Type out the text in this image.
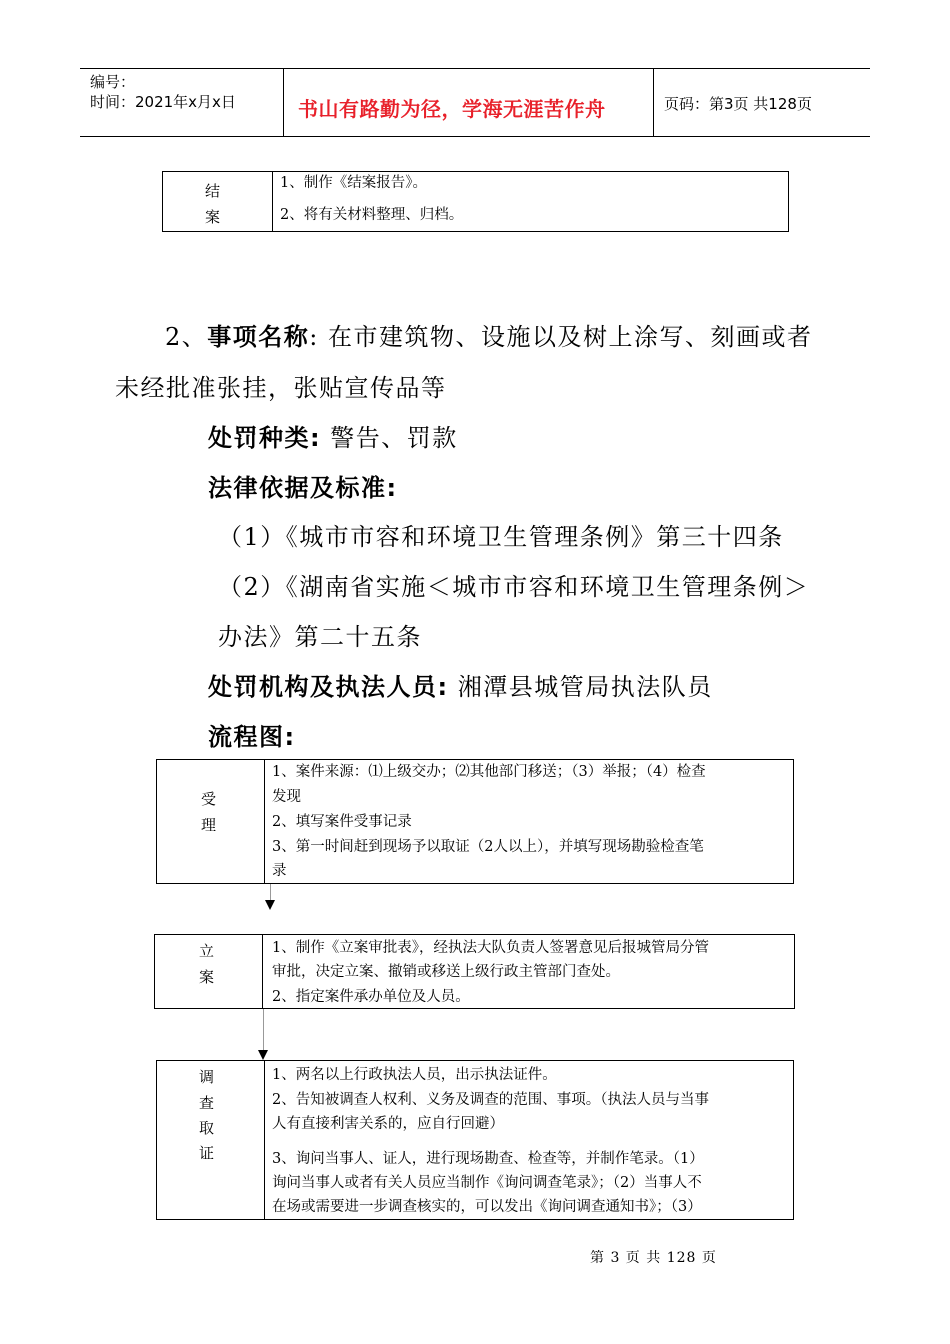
编号：
时间：2021年x月x日	书山有路勤为径，学海无涯苦作舟	页码：第3页 共128页
结
案
1、制作《结案报告》。
2、将有关材料整理、归档。
2、事项名称: 在市建筑物、设施以及树上涂写、刻画或者
未经批准张挂，张贴宣传品等
处罚种类: 警告、罚款
法律依据及标准:
（1）《城市市容和环境卫生管理条例》第三十四条
（2）《湖南省实施＜城市市容和环境卫生管理条例＞
办法》第二十五条
处罚机构及执法人员: 湘潭县城管局执法队员
流程图:
受
理
1、案件来源：⑴上级交办；⑵其他部门移送；（3）举报；（4）检查
发现
2、填写案件受事记录
3、第一时间赶到现场予以取证（2人以上），并填写现场勘验检查笔
录
立
案
1、制作《立案审批表》，经执法大队负责人签署意见后报城管局分管
审批，决定立案、撤销或移送上级行政主管部门查处。
2、指定案件承办单位及人员。
调
查
取
证
1、两名以上行政执法人员，出示执法证件。
2、告知被调查人权利、义务及调查的范围、事项。（执法人员与当事
人有直接利害关系的，应自行回避）
3、询问当事人、证人，进行现场勘查、检查等，并制作笔录。（1）
询问当事人或者有关人员应当制作《询问调查笔录》；（2）当事人不
在场或需要进一步调查核实的，可以发出《询问调查通知书》；（3）
第 3 页 共 128 页
